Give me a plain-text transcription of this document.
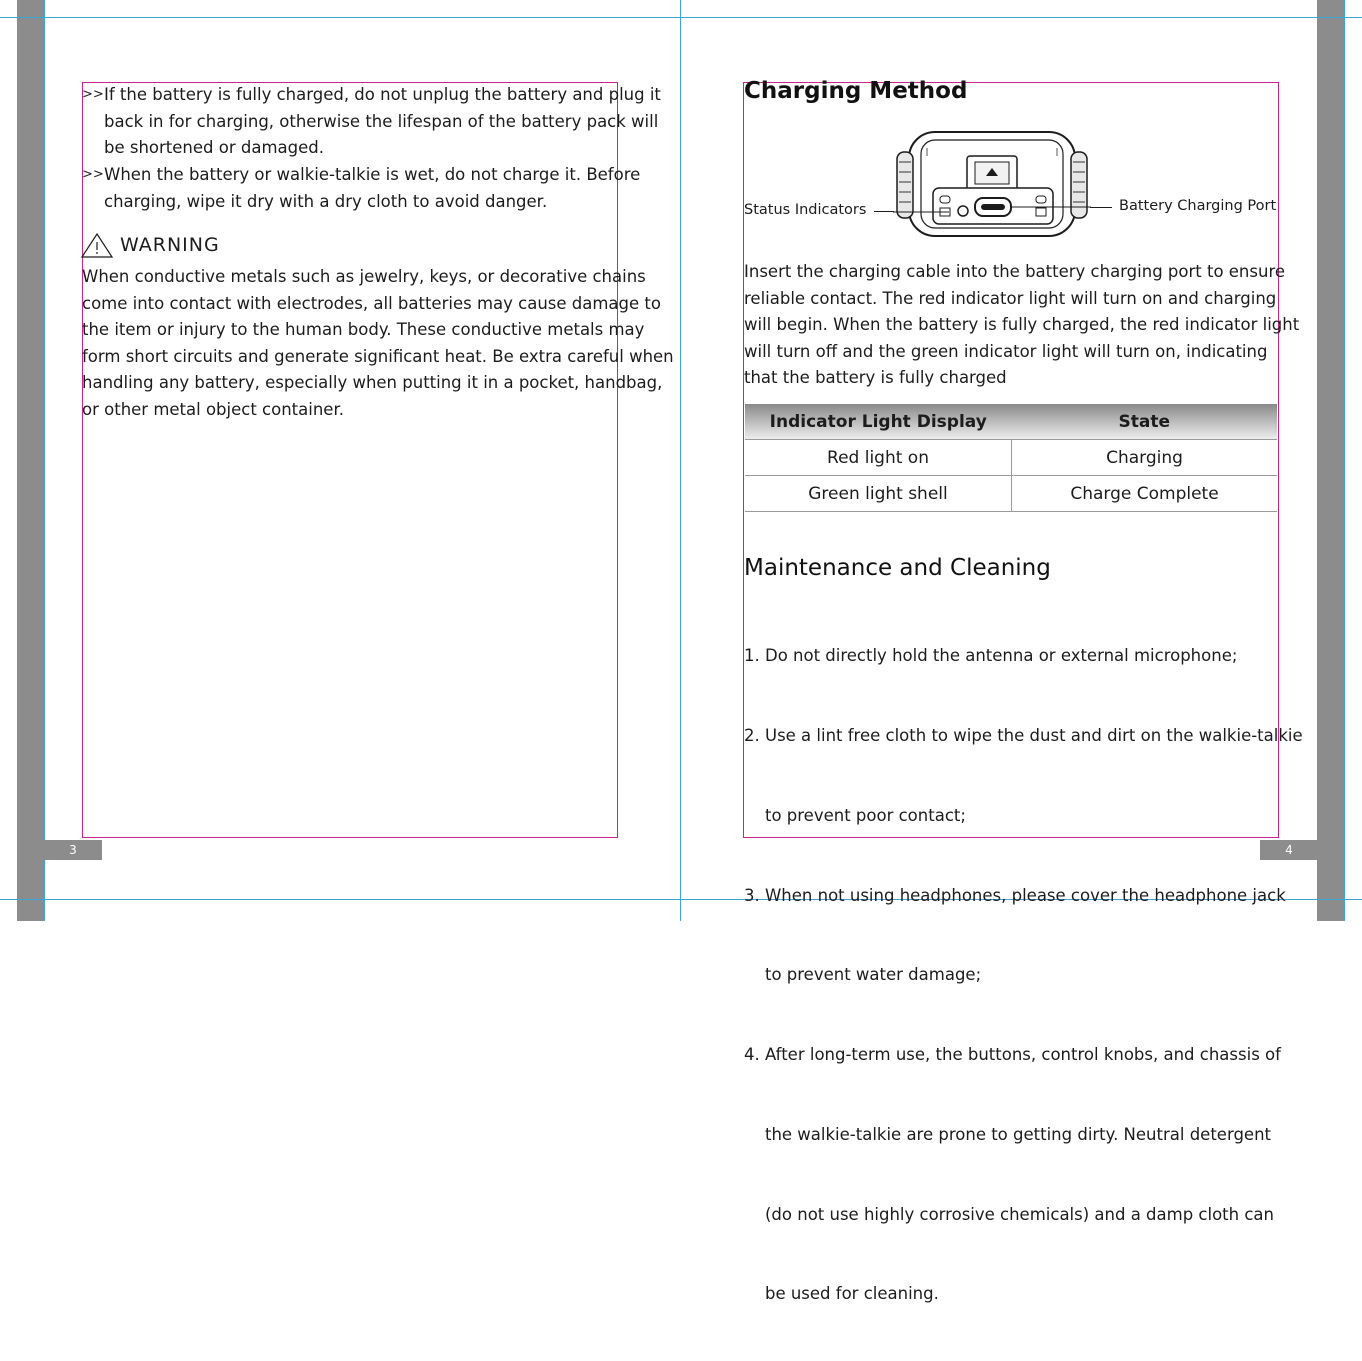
>> If the battery is fully charged, do not unplug the battery and plug it
back in for charging, otherwise the lifespan of the battery pack will
be shortened or damaged.
>> When the battery or walkie-talkie is wet, do not charge it. Before
charging, wipe it dry with a dry cloth to avoid danger.
WARNING
When conductive metals such as jewelry, keys, or decorative chains
come into contact with electrodes, all batteries may cause damage to
the item or injury to the human body. These conductive metals may
form short circuits and generate significant heat. Be extra careful when
handling any battery, especially when putting it in a pocket, handbag,
or other metal object container.
3
Charging Method
Status Indicators	Battery Charging Port
Insert the charging cable into the battery charging port to ensure
reliable contact. The red indicator light will turn on and charging
will begin. When the battery is fully charged, the red indicator light
will turn off and the green indicator light will turn on, indicating
that the battery is fully charged
Indicator Light Display	State
Red light on	Charging
Green light shell	Charge Complete
Maintenance and Cleaning

1. Do not directly hold the antenna or external microphone;

2. Use a lint free cloth to wipe the dust and dirt on the walkie-talkie

to prevent poor contact;

3. When not using headphones, please cover the headphone jack

to prevent water damage;

4. After long-term use, the buttons, control knobs, and chassis of

the walkie-talkie are prone to getting dirty. Neutral detergent

(do not use highly corrosive chemicals) and a damp cloth can

be used for cleaning.

4
